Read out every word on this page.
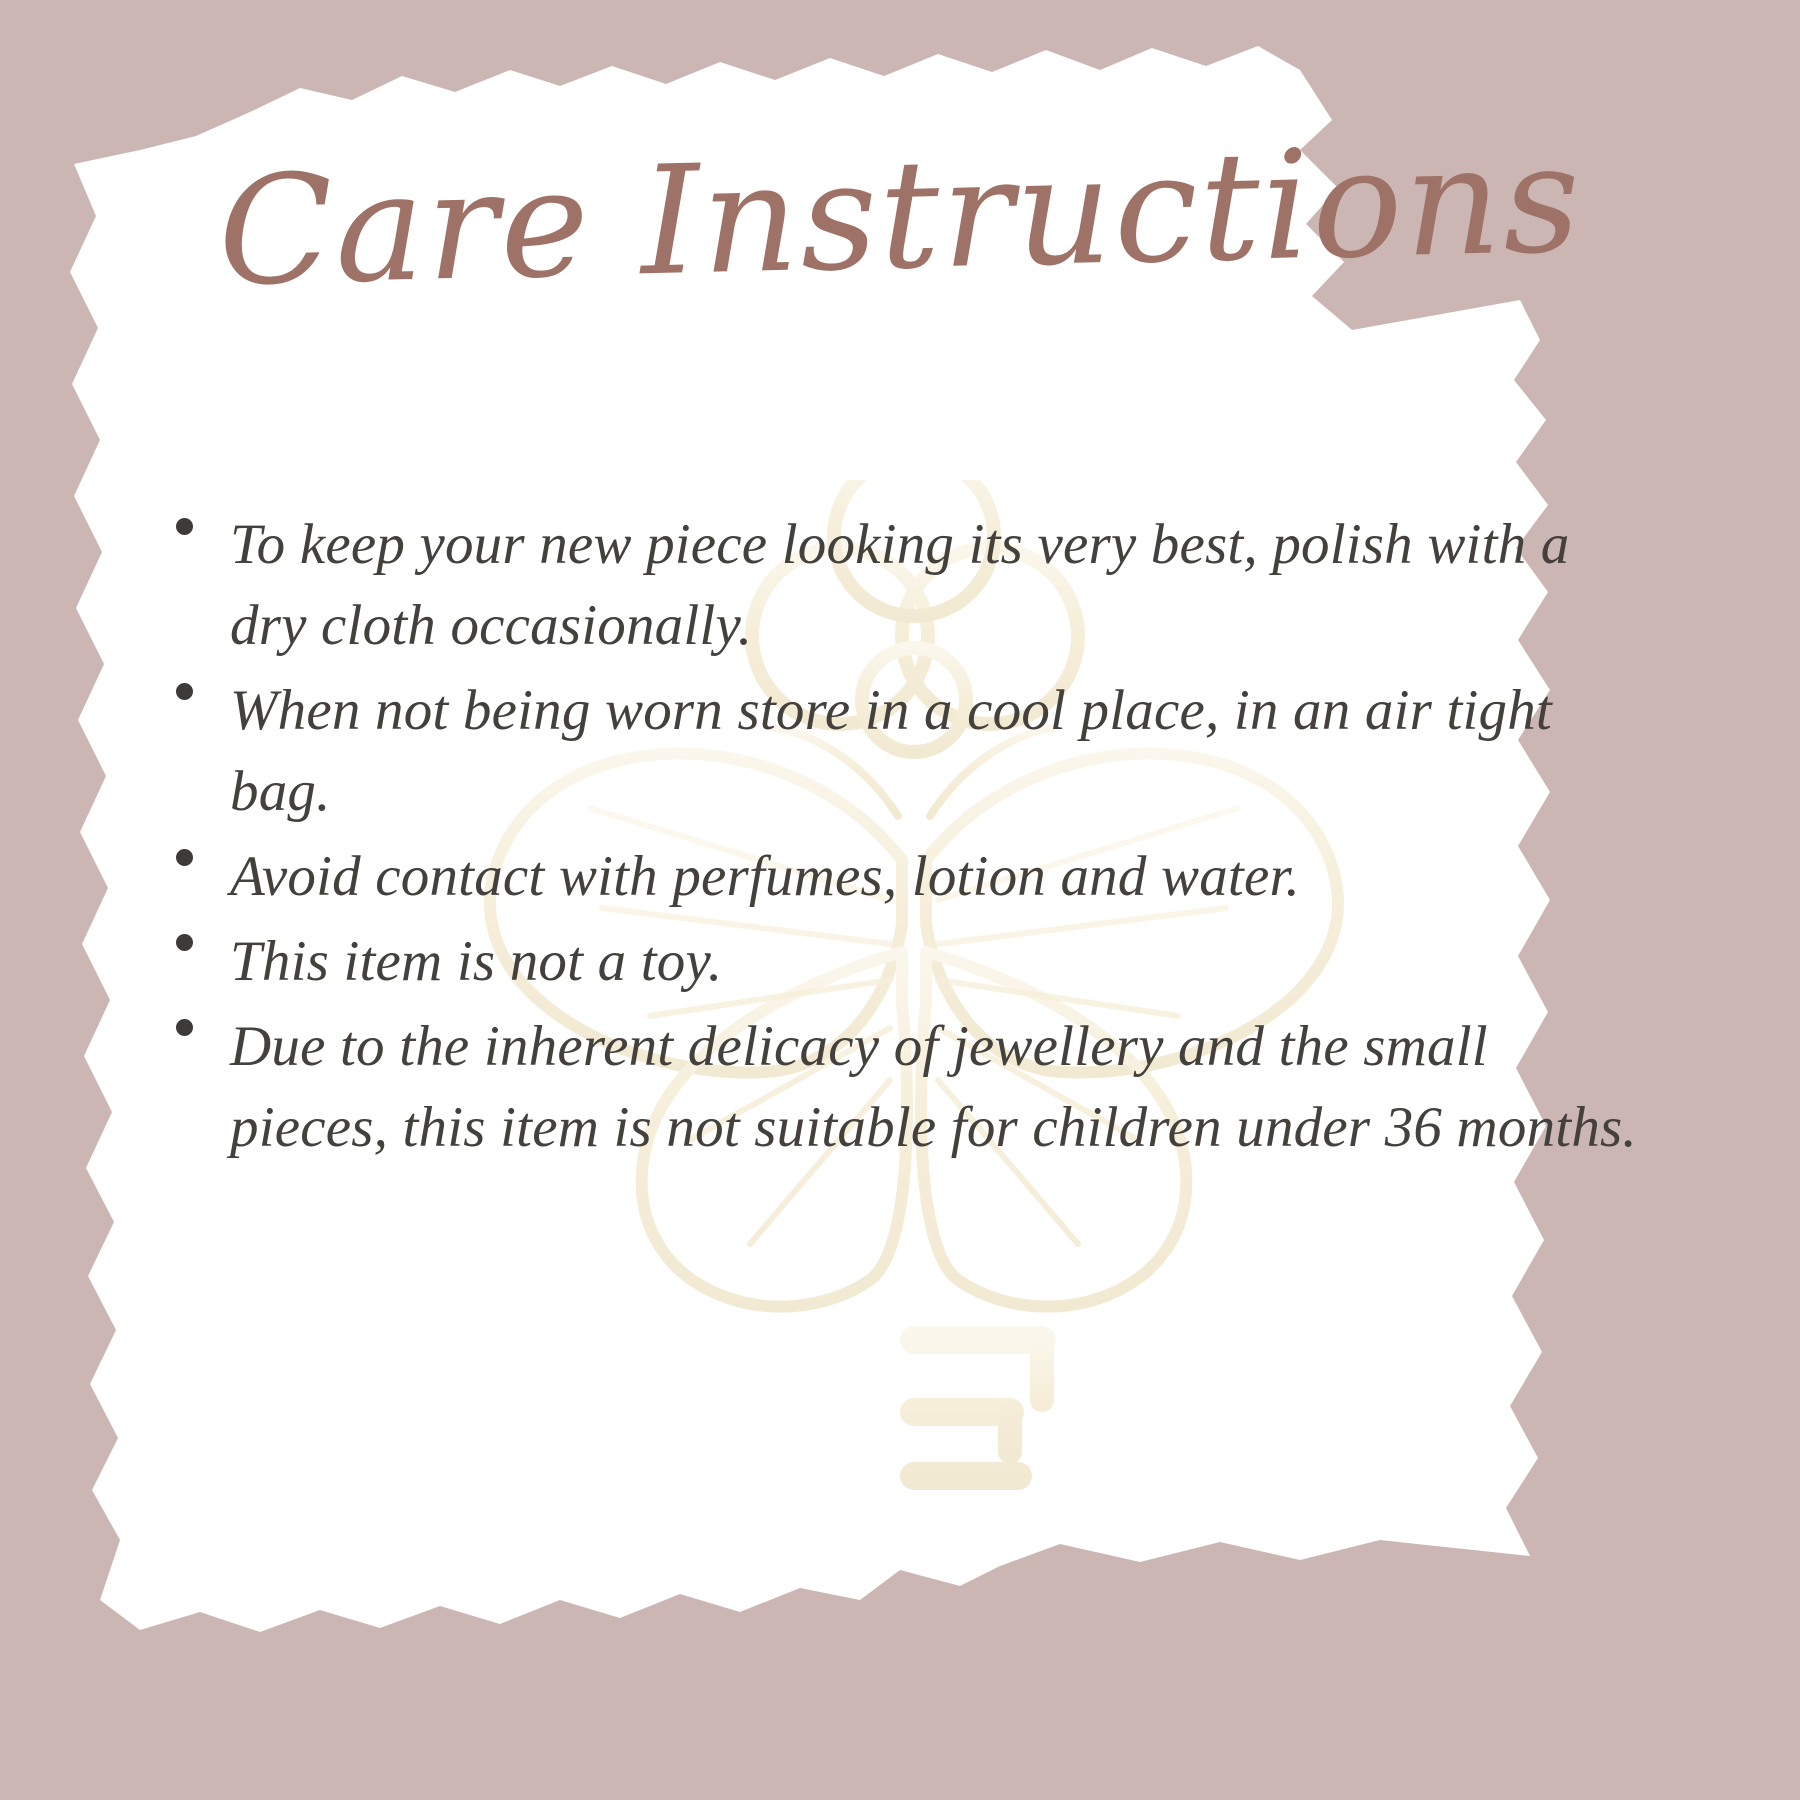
Care Instructions
To keep your new piece looking its very best, polish with a dry cloth occasionally.
When not being worn store in a cool place, in an air tight bag.
Avoid contact with perfumes, lotion and water.
This item is not a toy.
Due to the inherent delicacy of jewellery and the small pieces, this item is not suitable for children under 36 months.
